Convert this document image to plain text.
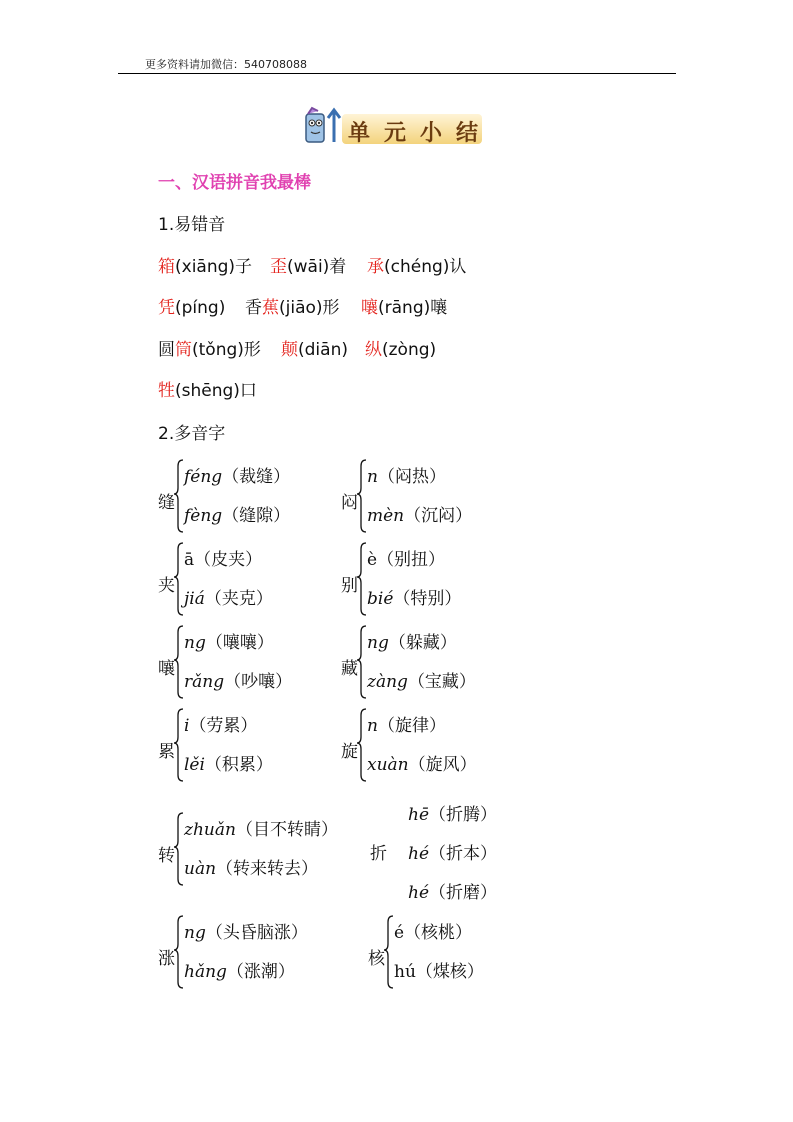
更多资料请加微信：540708088
单元小结
一、汉语拼音我最棒
1.易错音
箱(xiāng)子 歪(wāi)着 承(chéng)认
凭(píng) 香蕉(jiāo)形 嚷(rāng)嚷
圆筒(tǒng)形 颠(diān) 纵(zòng)
牲(shēng)口
2.多音字
缝
féng（裁缝）
fèng（缝隙）
闷
n（闷热）
mèn（沉闷）
夹
ā（皮夹）
jiá（夹克）
别
è（别扭）
bié（特别）
嚷
ng（嚷嚷）
rǎng（吵嚷）
藏
ng（躲藏）
zàng（宝藏）
累
i（劳累）
lěi（积累）
旋
n（旋律）
xuàn（旋风）
转
zhuǎn（目不转睛）
uàn（转来转去）
折
hē（折腾）
hé（折本）
hé（折磨）
涨
ng（头昏脑涨）
hǎng（涨潮）
核
é（核桃）
hú（煤核）
